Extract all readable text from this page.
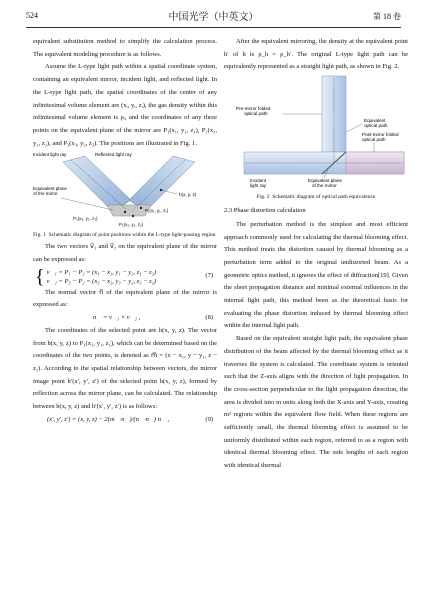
524	中国光学（中英文）	第 18 卷

equivalent substitution method to simplify the calculation process. The equivalent modeling procedure is as follows.

Assume the L-type light path within a spatial coordinate system, containing an equivalent mirror, incident light, and reflected light. In the L-type light path, the spatial coordinates of the center of any infinitesimal volume element are (xᵢ, yᵢ, zᵢ), the gas density within this infinitesimal volume element is ρᵢ, and the coordinates of any three points on the equivalent plane of the mirror are P₁(x₁, y₁, z₁), P₂(x₂, y₂, z₂), and P₃(x₃, y₃, z₃). The positions are illustrated in Fig. 1.

Incident light ray	Reflected light ray
Equivalent plane of the mirror	h(x, y, z)
P₁(x₁, y₁, z₁)
P₃(x₃, y₃, z₃)
P₂(x₂, y₂, z₂)
Fig. 1 Schematic diagram of point positions within the L-type light-passing region

The two vectors v⃗₁ and v⃗₂ on the equivalent plane of the mirror can be expressed as:

{ v⃗₁ = P₁ − P₂ = (x₁ − x₂, y₁ − y₂, z₁ − z₂)
v⃗₂ = P₃ − P₂ = (x₃ − x₂, y₃ − y₂, z₃ − z₂)
(7)

The normal vector n⃗ of the equivalent plane of the mirror is expressed as:

n⃗ = v⃗₁ × v⃗₂ ,	(8)

The coordinates of the selected point are h(x, y, z). The vector from h(x, y, z) to P₁(x₁, y₁, z₁), which can be determined based on the coordinates of the two points, is denoted as m⃗ = (x − x₁, y − y₁, z − z₁). According to the spatial relationship between vectors, the mirror image point h′(x′, y′, z′) of the selected point h(x, y, z), formed by reflection across the mirror plane, can be calculated. The relationship between h(x, y, z) and h′(x′, y′, z′) is as follows:

(x′, y′, z′) = (x, y, z) − 2(m⃗·n⃗)/(n⃗·n⃗) n⃗ ,	(9)

After the equivalent mirroring, the density at the equivalent point h′ of h is ρ_h = ρ_h′. The original L-type light path can be equivalently represented as a straight light path, as shown in Fig. 2.

Pre-mirror folded optical path
Equivalent optical path
Post-mirror folded optical path
Incident light ray
Equivalent plane of the mirror
Fig. 2 Schematic diagram of optical path equivalence

2.3 Phase distortion calculation

The perturbation method is the simplest and most efficient approach commonly used for calculating the thermal blooming effect. This method treats the distortion caused by thermal blooming as a perturbation term added to the original undistorted beam. As a geometric optics method, it ignores the effect of diffraction[19]. Given the short propagation distance and minimal external influences in the internal light path, this method been as the theoretical basis for evaluating the phase distortion induced by thermal blooming effect within the internal light path.

Based on the equivalent straight light path, the equivalent phase distribution of the beam affected by the thermal blooming effect as it traverses the system is calculated. The coordinate system is oriented such that the Z-axis aligns with the direction of light propagation. In the cross-section perpendicular to the light propagation direction, the area is divided into m units along both the X-axis and Y-axis, creating m² regions within the equivalent flow field. When these regions are sufficiently small, the thermal blooming effect is assumed to be uniformly distributed within each region, referred to as a region with identical thermal blooming effect. The side lengths of each region with identical thermal
